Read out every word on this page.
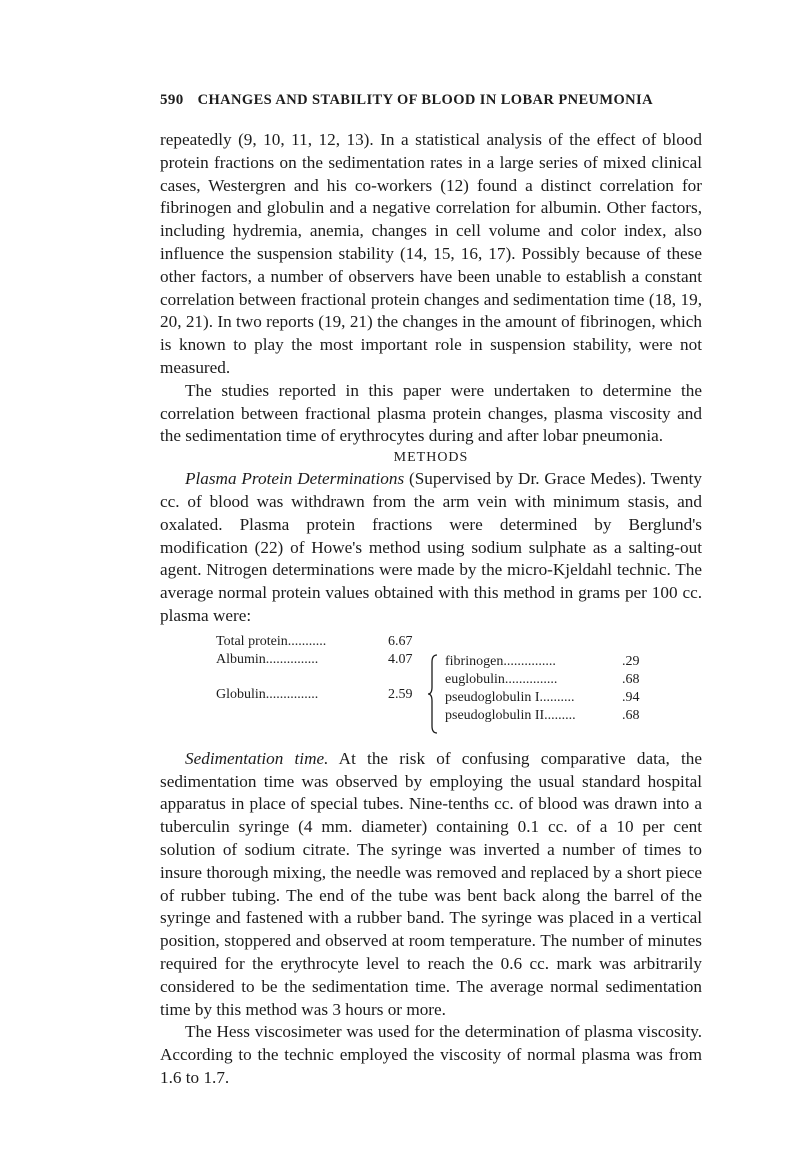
590 CHANGES AND STABILITY OF BLOOD IN LOBAR PNEUMONIA

repeatedly (9, 10, 11, 12, 13). In a statistical analysis of the effect of blood protein fractions on the sedimentation rates in a large series of mixed clinical cases, Westergren and his co-workers (12) found a distinct correlation for fibrinogen and globulin and a negative correlation for albumin. Other factors, including hydremia, anemia, changes in cell volume and color index, also influence the suspension stability (14, 15, 16, 17). Possibly because of these other factors, a number of observers have been unable to establish a constant correlation between fractional protein changes and sedimentation time (18, 19, 20, 21). In two reports (19, 21) the changes in the amount of fibrinogen, which is known to play the most important role in suspension stability, were not measured.

The studies reported in this paper were undertaken to determine the correlation between fractional plasma protein changes, plasma viscosity and the sedimentation time of erythrocytes during and after lobar pneumonia.

METHODS

Plasma Protein Determinations (Supervised by Dr. Grace Medes). Twenty cc. of blood was withdrawn from the arm vein with minimum stasis, and oxalated. Plasma protein fractions were determined by Berglund's modification (22) of Howe's method using sodium sulphate as a salting-out agent. Nitrogen determinations were made by the micro-Kjeldahl technic. The average normal protein values obtained with this method in grams per 100 cc. plasma were:

Total protein...........	6.67
Albumin...............	4.07
Globulin...............	2.59
fibrinogen...............	.29
euglobulin...............	.68
pseudoglobulin I..........	.94
pseudoglobulin II.........	.68

Sedimentation time. At the risk of confusing comparative data, the sedimentation time was observed by employing the usual standard hospital apparatus in place of special tubes. Nine-tenths cc. of blood was drawn into a tuberculin syringe (4 mm. diameter) containing 0.1 cc. of a 10 per cent solution of sodium citrate. The syringe was inverted a number of times to insure thorough mixing, the needle was removed and replaced by a short piece of rubber tubing. The end of the tube was bent back along the barrel of the syringe and fastened with a rubber band. The syringe was placed in a vertical position, stoppered and observed at room temperature. The number of minutes required for the erythrocyte level to reach the 0.6 cc. mark was arbitrarily considered to be the sedimentation time. The average normal sedimentation time by this method was 3 hours or more.

The Hess viscosimeter was used for the determination of plasma viscosity. According to the technic employed the viscosity of normal plasma was from 1.6 to 1.7.
